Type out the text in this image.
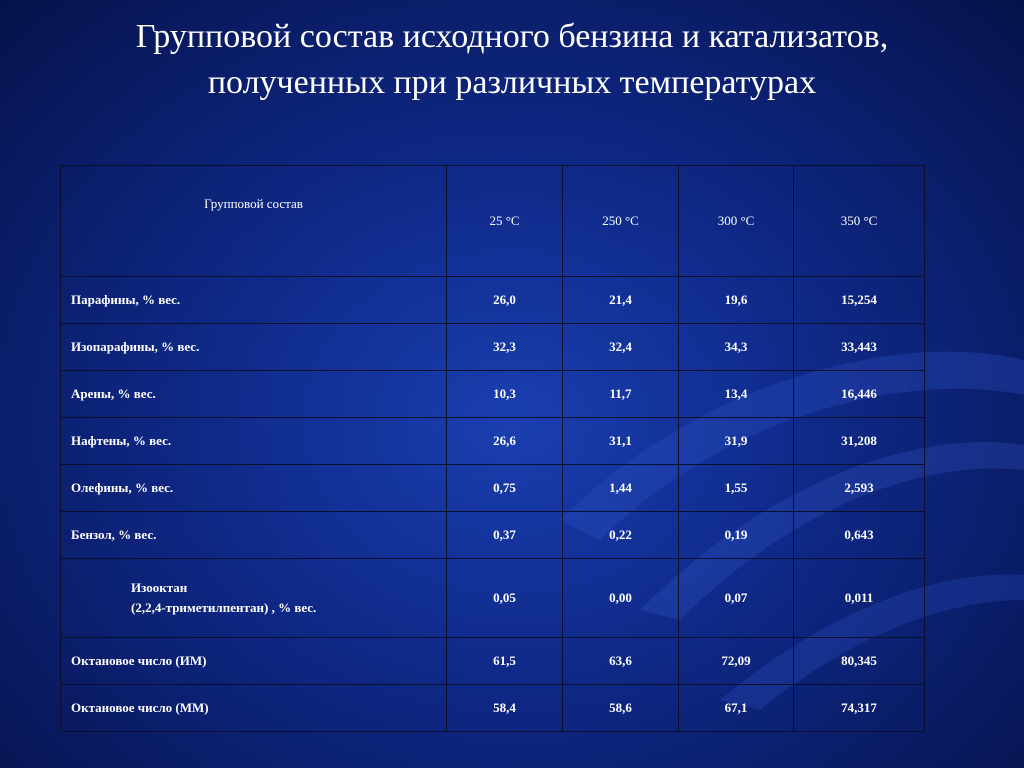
Групповой состав исходного бензина и катализатов,
полученных при различных температурах
Групповой состав	25 °C	250 °C	300 °C	350 °C
Парафины, % вес.	26,0	21,4	19,6	15,254
Изопарафины, % вес.	32,3	32,4	34,3	33,443
Арены, % вес.	10,3	11,7	13,4	16,446
Нафтены, % вес.	26,6	31,1	31,9	31,208
Олефины, % вес.	0,75	1,44	1,55	2,593
Бензол, % вес.	0,37	0,22	0,19	0,643

Изооктан
(2,2,4-триметилпентан) , % вес.	0,05	0,00	0,07	0,011
Октановое число (ИМ)	61,5	63,6	72,09	80,345
Октановое число (ММ)	58,4	58,6	67,1	74,317
